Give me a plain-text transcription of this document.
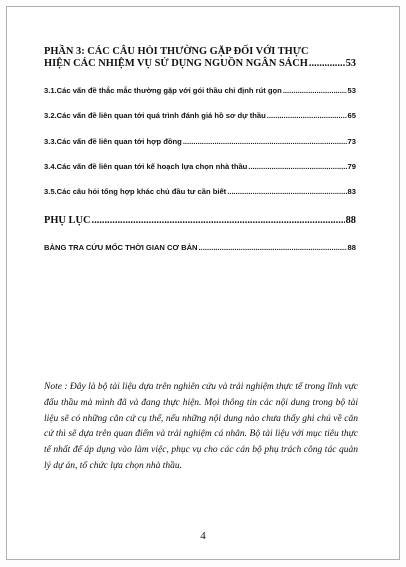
PHẦN 3: CÁC CÂU HỎI THƯỜNG GẶP ĐỐI VỚI THỰC
HIỆN CÁC NHIỆM VỤ SỬ DỤNG NGUỒN NGÂN SÁCH .....	53
3.1.Các vấn đề thắc mắc thường gặp với gói thầu chỉ định rút gọn .....	53
3.2.Các vấn đề liên quan tới quá trình đánh giá hồ sơ dự thầu .....	65
3.3.Các vấn đề liên quan tới hợp đồng .....	73
3.4.Các vấn đề liên quan tới kế hoạch lựa chọn nhà thầu .....	79
3.5.Các câu hỏi tổng hợp khác chủ đầu tư cần biết .....	83
PHỤ LỤC .....	88
BẢNG TRA CỨU MỐC THỜI GIAN CƠ BẢN .....	88
Note : Đây là bộ tài liệu dựa trên nghiên cứu và trải nghiệm thực tế trong lĩnh vực đấu thầu mà mình đã và đang thực hiện. Mọi thông tin các nội dung trong bộ tài liệu sẽ có những căn cứ cụ thể, nếu những nội dung nào chưa thấy ghi chú về căn cứ thì sẽ dựa trên quan điểm và trải nghiệm cá nhân. Bộ tài liệu với mục tiêu thực tế nhất để áp dụng vào làm việc, phục vụ cho các cán bộ phụ trách công tác quản lý dự án, tổ chức lựa chọn nhà thầu.
4
